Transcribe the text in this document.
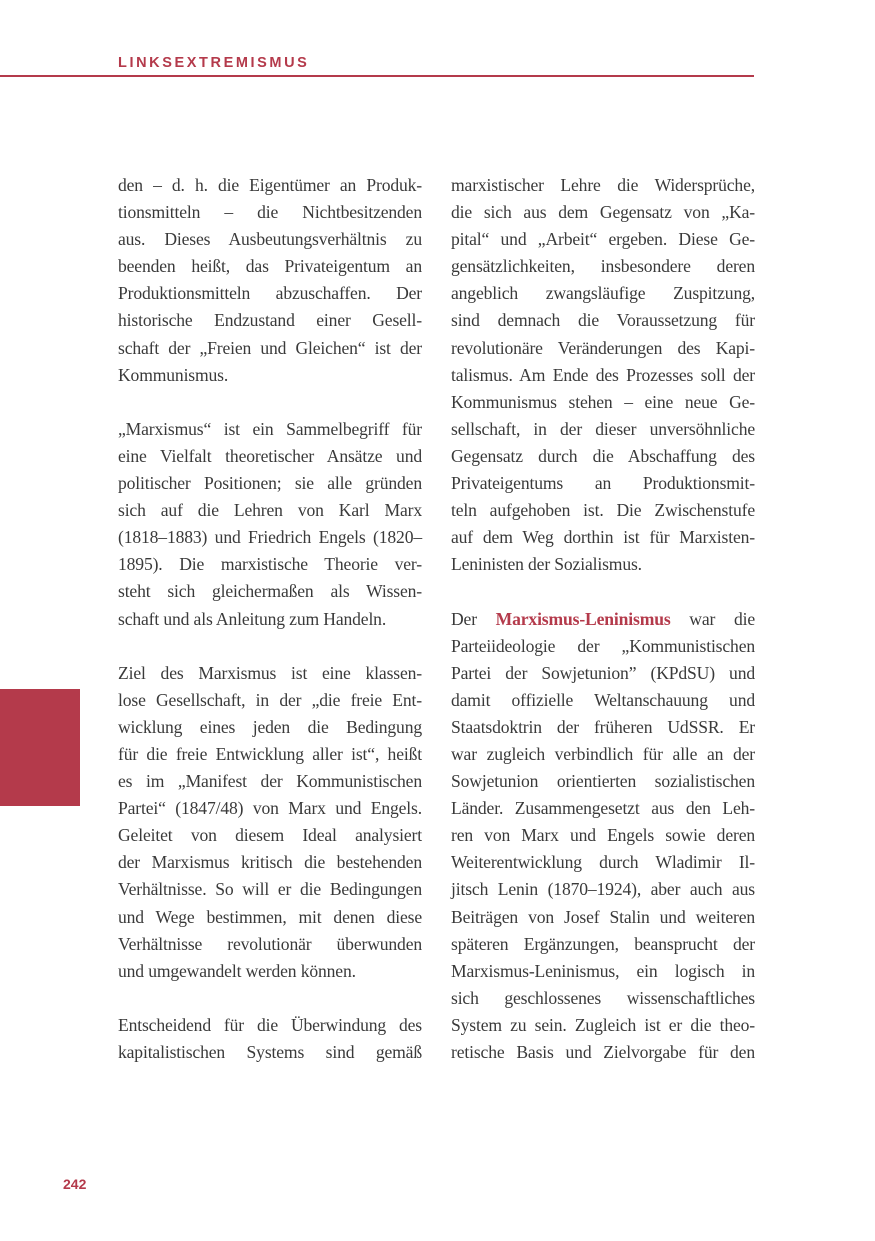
LINKSEXTREMISMUS
den – d. h. die Eigentümer an Produk-
tionsmitteln – die Nichtbesitzenden
aus. Dieses Ausbeutungsverhältnis zu
beenden heißt, das Privateigentum an
Produktionsmitteln abzuschaffen. Der
historische Endzustand einer Gesell-
schaft der „Freien und Gleichen“ ist der
Kommunismus.
„Marxismus“ ist ein Sammelbegriff für
eine Vielfalt theoretischer Ansätze und
politischer Positionen; sie alle gründen
sich auf die Lehren von Karl Marx
(1818–1883) und Friedrich Engels (1820–
1895). Die marxistische Theorie ver-
steht sich gleichermaßen als Wissen-
schaft und als Anleitung zum Handeln.
Ziel des Marxismus ist eine klassen-
lose Gesellschaft, in der „die freie Ent-
wicklung eines jeden die Bedingung
für die freie Entwicklung aller ist“, heißt
es im „Manifest der Kommunistischen
Partei“ (1847/48) von Marx und Engels.
Geleitet von diesem Ideal analysiert
der Marxismus kritisch die bestehenden
Verhältnisse. So will er die Bedingungen
und Wege bestimmen, mit denen diese
Verhältnisse revolutionär überwunden
und umgewandelt werden können.
Entscheidend für die Überwindung des
kapitalistischen Systems sind gemäß
marxistischer Lehre die Widersprüche,
die sich aus dem Gegensatz von „Ka-
pital“ und „Arbeit“ ergeben. Diese Ge-
gensätzlichkeiten, insbesondere deren
angeblich zwangsläufige Zuspitzung,
sind demnach die Voraussetzung für
revolutionäre Veränderungen des Kapi-
talismus. Am Ende des Prozesses soll der
Kommunismus stehen – eine neue Ge-
sellschaft, in der dieser unversöhnliche
Gegensatz durch die Abschaffung des
Privateigentums an Produktionsmit-
teln aufgehoben ist. Die Zwischenstufe
auf dem Weg dorthin ist für Marxisten-
Leninisten der Sozialismus.
Der Marxismus-Leninismus war die
Parteiideologie der „Kommunistischen
Partei der Sowjetunion” (KPdSU) und
damit offizielle Weltanschauung und
Staatsdoktrin der früheren UdSSR. Er
war zugleich verbindlich für alle an der
Sowjetunion orientierten sozialistischen
Länder. Zusammengesetzt aus den Leh-
ren von Marx und Engels sowie deren
Weiterentwicklung durch Wladimir Il-
jitsch Lenin (1870–1924), aber auch aus
Beiträgen von Josef Stalin und weiteren
späteren Ergänzungen, beansprucht der
Marxismus-Leninismus, ein logisch in
sich geschlossenes wissenschaftliches
System zu sein. Zugleich ist er die theo-
retische Basis und Zielvorgabe für den
242
